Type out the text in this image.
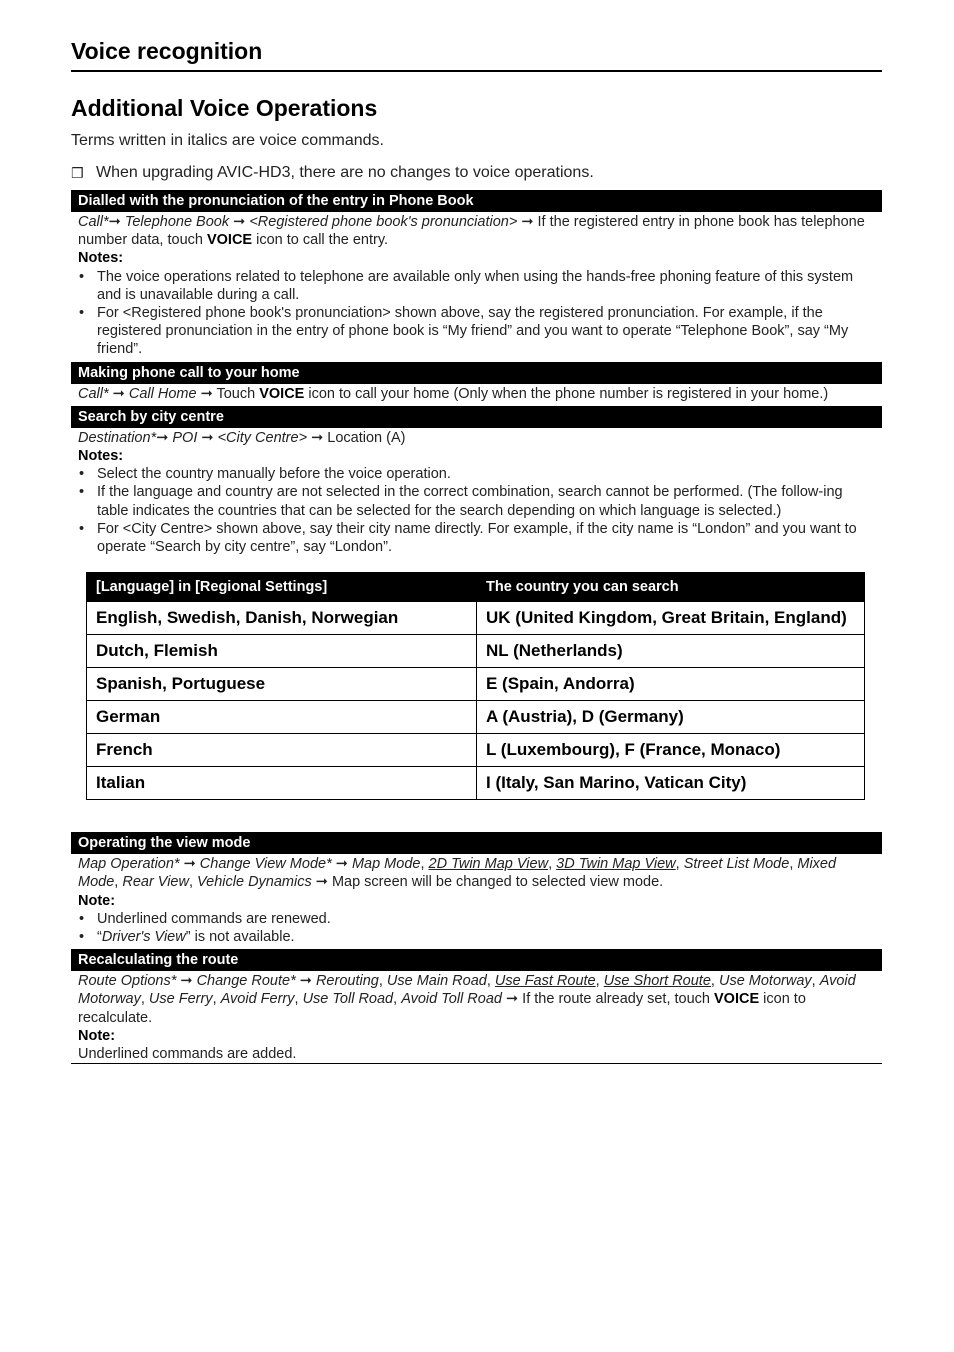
Voice recognition
Additional Voice Operations
Terms written in italics are voice commands.
❒ When upgrading AVIC-HD3, there are no changes to voice operations.
Dialled with the pronunciation of the entry in Phone Book
Call*➞ Telephone Book ➞ <Registered phone book's pronunciation> ➞ If the registered entry in phone book has telephone number data, touch VOICE icon to call the entry.
Notes:
• The voice operations related to telephone are available only when using the hands-free phoning feature of this system and is unavailable during a call.
• For <Registered phone book's pronunciation> shown above, say the registered pronunciation. For example, if the registered pronunciation in the entry of phone book is “My friend” and you want to operate “Telephone Book”, say “My friend”.
Making phone call to your home
Call* ➞ Call Home ➞ Touch VOICE icon to call your home (Only when the phone number is registered in your home.)
Search by city centre
Destination*➞ POI ➞ <City Centre> ➞ Location (A)
Notes:
• Select the country manually before the voice operation.
• If the language and country are not selected in the correct combination, search cannot be performed. (The follow-ing table indicates the countries that can be selected for the search depending on which language is selected.)
• For <City Centre> shown above, say their city name directly. For example, if the city name is “London” and you want to operate “Search by city centre”, say “London”.
[Language] in [Regional Settings]	The country you can search
English, Swedish, Danish, Norwegian	UK (United Kingdom, Great Britain, England)
Dutch, Flemish	NL (Netherlands)
Spanish, Portuguese	E (Spain, Andorra)
German	A (Austria), D (Germany)
French	L (Luxembourg), F (France, Monaco)
Italian	I (Italy, San Marino, Vatican City)
Operating the view mode
Map Operation* ➞ Change View Mode* ➞ Map Mode, 2D Twin Map View, 3D Twin Map View, Street List Mode, Mixed Mode, Rear View, Vehicle Dynamics ➞ Map screen will be changed to selected view mode.
Note:
• Underlined commands are renewed.
• “Driver's View” is not available.
Recalculating the route
Route Options* ➞ Change Route* ➞ Rerouting, Use Main Road, Use Fast Route, Use Short Route, Use Motorway, Avoid Motorway, Use Ferry, Avoid Ferry, Use Toll Road, Avoid Toll Road ➞ If the route already set, touch VOICE icon to recalculate.
Note:
Underlined commands are added.
